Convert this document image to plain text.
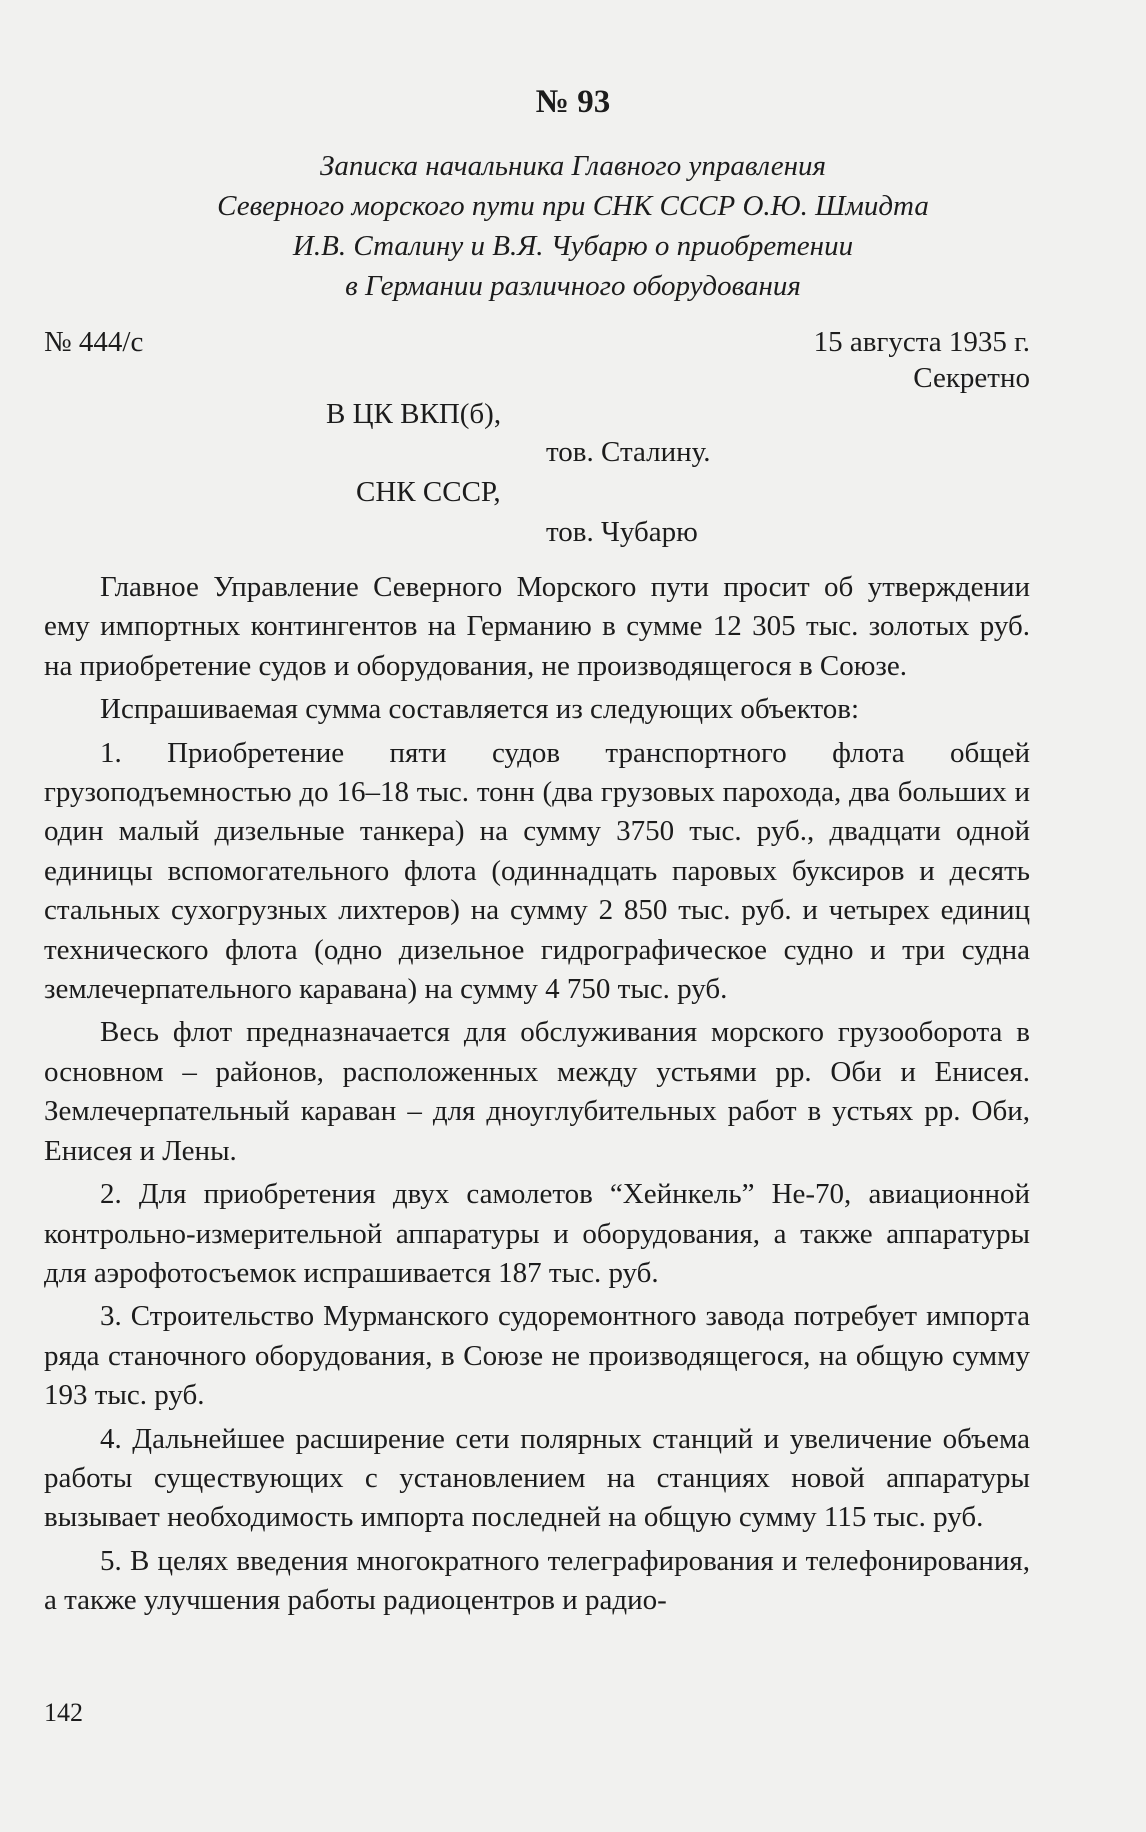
№ 93
Записка начальника Главного управления
Северного морского пути при СНК СССР О.Ю. Шмидта
И.В. Сталину и В.Я. Чубарю о приобретении
в Германии различного оборудования
№ 444/с	15 августа 1935 г.
Секретно
В ЦК ВКП(б),
тов. Сталину.
СНК СССР,
тов. Чубарю

Главное Управление Северного Морского пути просит об утверждении ему импортных контингентов на Германию в сумме 12 305 тыс. золотых руб. на приобретение судов и оборудования, не производящегося в Союзе.

Испрашиваемая сумма составляется из следующих объектов:

1. Приобретение пяти судов транспортного флота общей грузоподъемностью до 16–18 тыс. тонн (два грузовых парохода, два больших и один малый дизельные танкера) на сумму 3750 тыс. руб., двадцати одной единицы вспомогательного флота (одиннадцать паровых буксиров и десять стальных сухогрузных лихтеров) на сумму 2 850 тыс. руб. и четырех единиц технического флота (одно дизельное гидрографическое судно и три судна землечерпательного каравана) на сумму 4 750 тыс. руб.

Весь флот предназначается для обслуживания морского грузооборота в основном – районов, расположенных между устьями рр. Оби и Енисея. Землечерпательный караван – для дноуглубительных работ в устьях рр. Оби, Енисея и Лены.

2. Для приобретения двух самолетов “Хейнкель” Не-70, авиационной контрольно-измерительной аппаратуры и оборудования, а также аппаратуры для аэрофотосъемок испрашивается 187 тыс. руб.

3. Строительство Мурманского судоремонтного завода потребует импорта ряда станочного оборудования, в Союзе не производящегося, на общую сумму 193 тыс. руб.

4. Дальнейшее расширение сети полярных станций и увеличение объема работы существующих с установлением на станциях новой аппаратуры вызывает необходимость импорта последней на общую сумму 115 тыс. руб.

5. В целях введения многократного телеграфирования и телефонирования, а также улучшения работы радиоцентров и радио-

142
